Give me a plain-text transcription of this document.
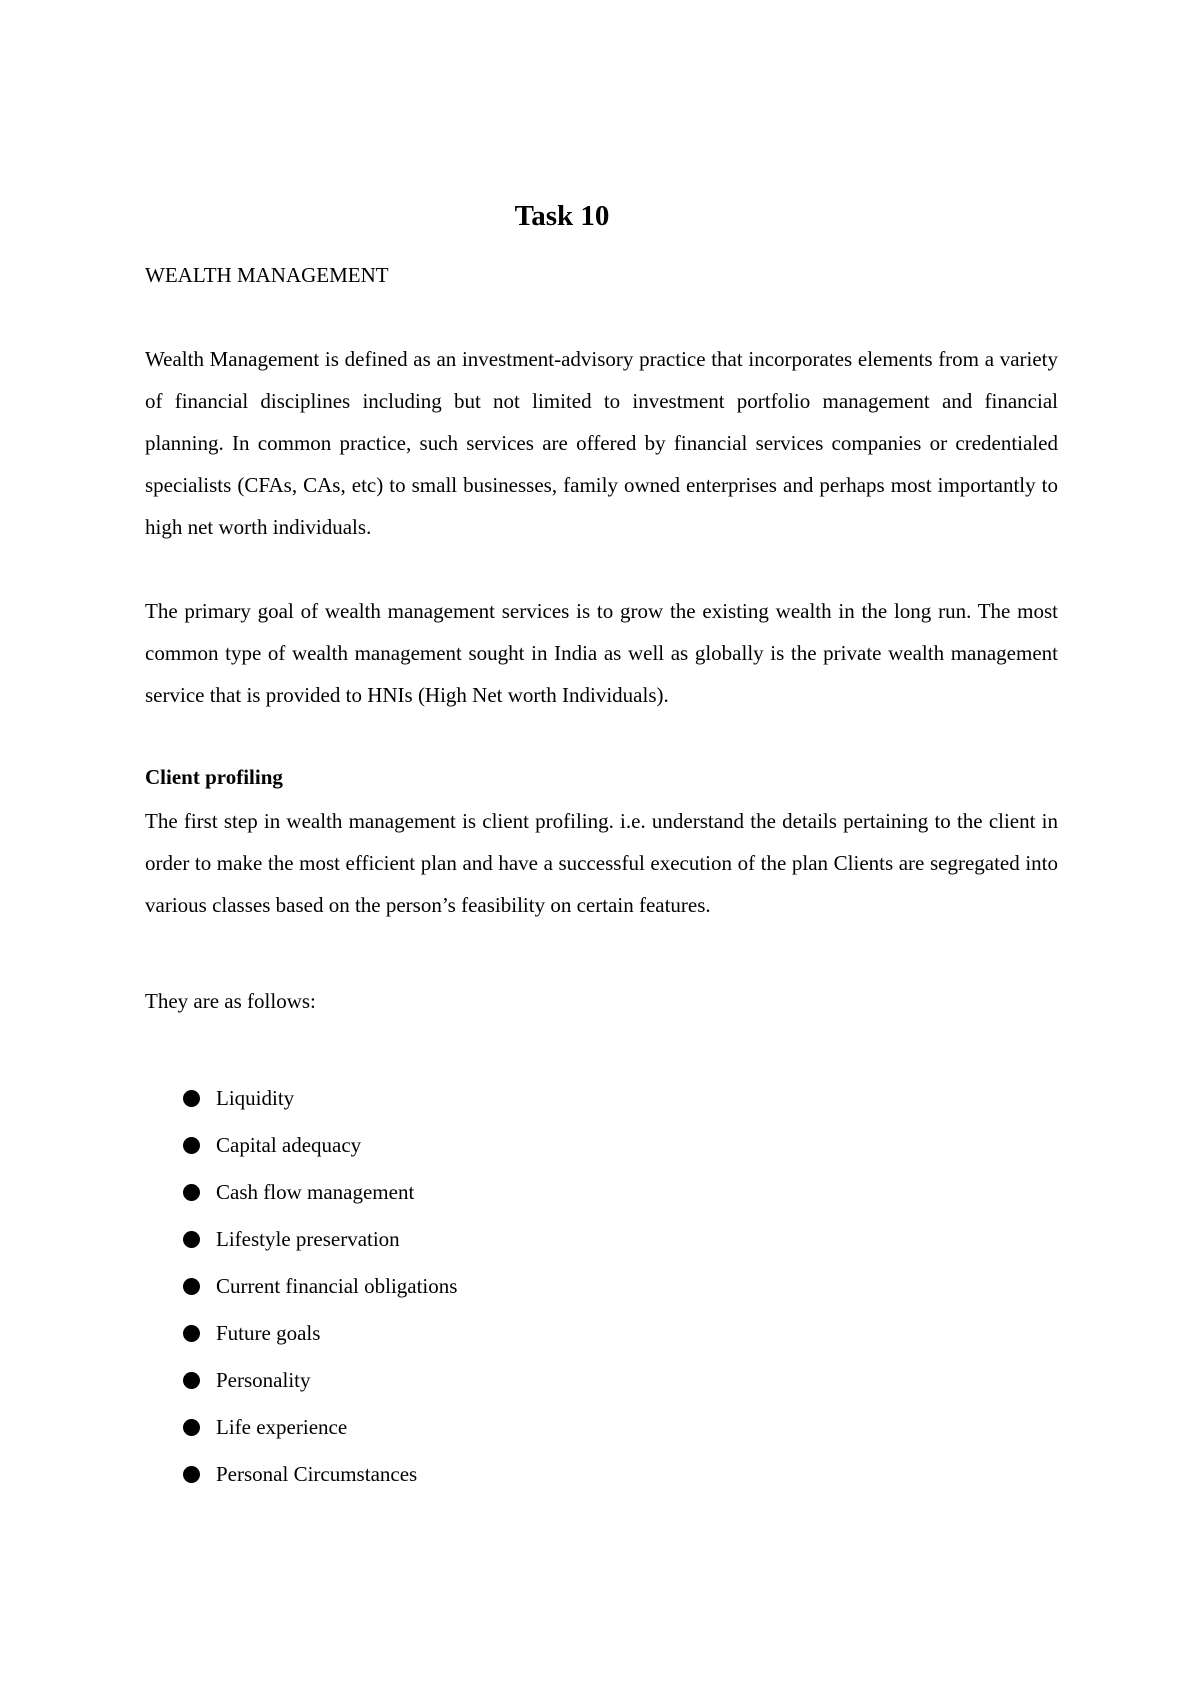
Task 10
WEALTH MANAGEMENT

Wealth Management is defined as an investment-advisory practice that incorporates elements from a variety of financial disciplines including but not limited to investment portfolio management and financial planning. In common practice, such services are offered by financial services companies or credentialed specialists (CFAs, CAs, etc) to small businesses, family owned enterprises and perhaps most importantly to high net worth individuals.

The primary goal of wealth management services is to grow the existing wealth in the long run. The most common type of wealth management sought in India as well as globally is the private wealth management service that is provided to HNIs (High Net worth Individuals).

Client profiling

The first step in wealth management is client profiling. i.e. understand the details pertaining to the client in order to make the most efficient plan and have a successful execution of the plan Clients are segregated into various classes based on the person’s feasibility on certain features.

They are as follows:
Liquidity
Capital adequacy
Cash flow management
Lifestyle preservation
Current financial obligations
Future goals
Personality
Life experience
Personal Circumstances
